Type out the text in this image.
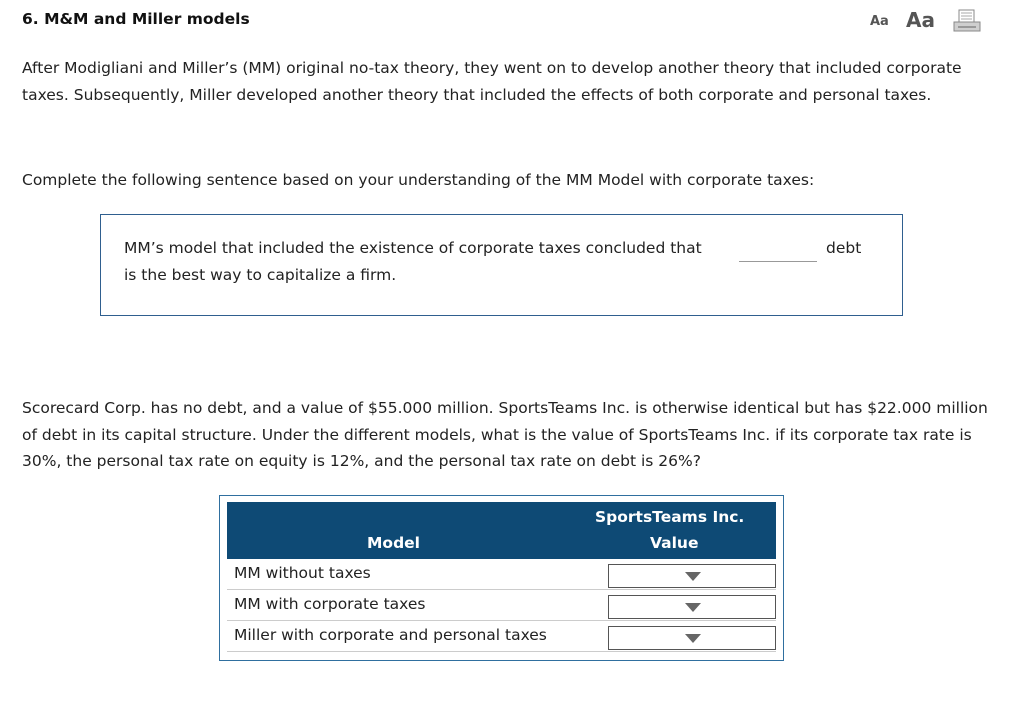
6. M&M and Miller models	Aa Aa
After Modigliani and Miller’s (MM) original no-tax theory, they went on to develop another theory that included corporate taxes. Subsequently, Miller developed another theory that included the effects of both corporate and personal taxes.
Complete the following sentence based on your understanding of the MM Model with corporate taxes:
MM’s model that included the existence of corporate taxes concluded that	debt
is the best way to capitalize a firm.
Scorecard Corp. has no debt, and a value of $55.000 million. SportsTeams Inc. is otherwise identical but has $22.000 million of debt in its capital structure. Under the different models, what is the value of SportsTeams Inc. if its corporate tax rate is 30%, the personal tax rate on equity is 12%, and the personal tax rate on debt is 26%?
Model
SportsTeams Inc.
Value
MM without taxes
MM with corporate taxes
Miller with corporate and personal taxes
